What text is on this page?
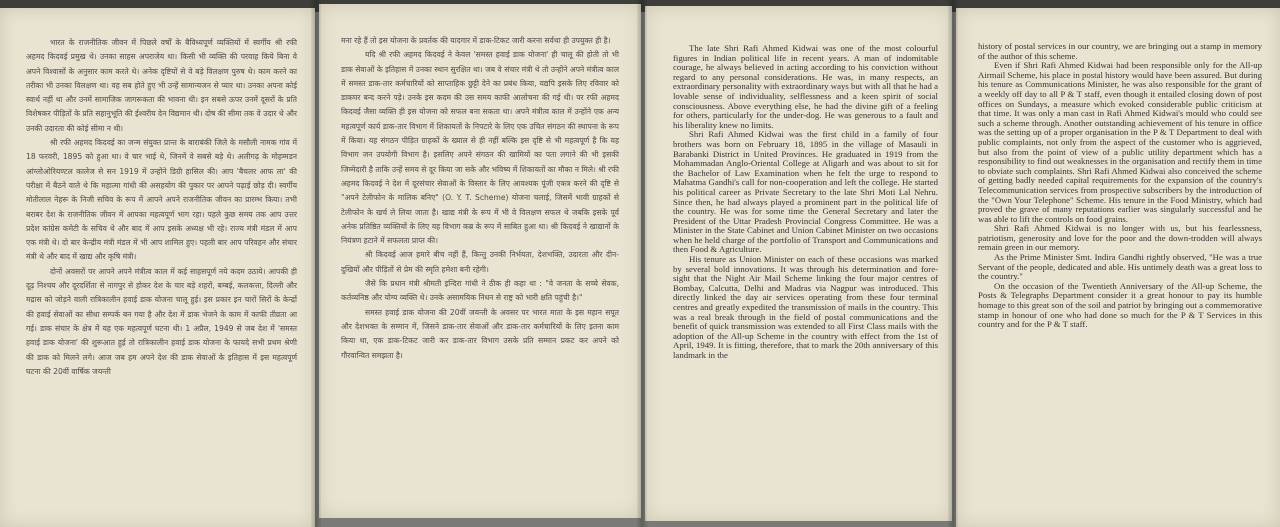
भारत के राजनीतिक जीवन में पिछले वर्षों के बैविध्यपूर्ण व्यक्तियों में स्वर्गीय श्री रफी अहमद किदवई प्रमुख थे। उनका साहस अपराजेय था। किसी भी व्यक्ति की परवाह किये बिना वे अपने विश्वासों के अनुसार काम करते थे। अनेक दृष्टियों से वे बड़े विलक्षण पुरुष थे। काम करने का तरीका भी उनका विलक्षण था। वह सब होते हुए भी उन्हें सामान्यजन से प्यार था। उनका अपना कोई स्वार्थ नहीं था और उनमें सामाजिक जागरूकता की भावना थी। इन सबसे ऊपर उनमें दूसरों के प्रति विशेषकर पीड़ितों के प्रति सहानुभूति की ईश्वरीय देन विद्यमान थी। दोष की सीमा तक वे उदार थे और उनकी उदारता की कोई सीमा न थी।

श्री रफी अहमद किदवई का जन्म संयुक्त प्रान्त के बाराबंकी जिले के मसौली नामक गांव में 18 फरवरी, 1895 को हुआ था। वे चार भाई थे, जिनमें वे सबसे बड़े थे। अलीगढ़ के मोहम्मडन आंग्लोओरियण्टल कालेज से सन 1919 में उन्होंने डिग्री हासिल की। आप 'बैचलर आफ ला' की परीक्षा में बैठने वाले थे कि महात्मा गांधी की असहयोग की पुकार पर आपने पढ़ाई छोड़ दी। स्वर्गीय मोतीलाल नेहरू के निजी सचिव के रूप में आपने अपने राजनीतिक जीवन का प्रारम्भ किया। तभी बराबर देश के राजनीतिक जीवन में आपका महत्वपूर्ण भाग रहा। पहले कुछ समय तक आप उत्तर प्रदेश कांग्रेस कमेटी के सचिव थे और बाद में आप इसके अध्यक्ष भी रहे। राज्य मंत्री मंडल में आप एक मंत्री थे। दो बार केन्द्रीय मंत्री मंडल में भी आप शामिल हुए। पहली बार आप परिवहन और संचार मंत्री थे और बाद में खाद्य और कृषि मंत्री।

दोनों अवसरों पर आपने अपने मंत्रीत्व काल में कई साहसपूर्ण नये कदम उठाये। आपकी ही दूढ़ निश्चय और दूरदर्शिता से नागपुर से होकर देश के चार बड़े शहरों, बम्बई, कलकत्ता, दिल्ली और मद्रास को जोड़ने वाली रात्रिकालीन हवाई डाक योजना चालू हुई। इस प्रकार इन चारों सिरों के केन्द्रों की हवाई सेवाओं का सीधा सम्पर्क बन गया है और देश में डाक भेजने के काम में काफी तीव्रता आ गई। डाक संचार के क्षेत्र में यह एक महत्वपूर्ण घटना थी। 1 अप्रैल, 1949 से जब देश में 'समस्त हवाई डाक योजना' की शुरूआत हुई तो रात्रिकालीन हवाई डाक योजना के फायदे सभी प्रथम श्रेणी की डाक को मिलने लगे। आज जब हम अपने देश की डाक सेवाओं के इतिहास में इस महत्वपूर्ण घटना की 20वीं वार्षिक जयन्ती

मना रहे हैं तो इस योजना के प्रवर्तक की यादगार में डाक-टिकट जारी करना सर्वथा ही उपयुक्त ही है।

यदि श्री रफी अहमद किदवई ने केवल 'समस्त हवाई डाक योजना' ही चालू की होती तो भी डाक सेवाओं के इतिहास में उनका स्थान सुरक्षित था। जब वे संचार मंत्री थे तो उन्होंने अपने मंत्रीत्व काल में समस्त डाक-तार कर्मचारियों को साप्ताहिक छुट्टी देने का प्रबंध किया, यद्यपि इसके लिए रविवार को डाकघर बन्द करने पड़े। उनके इस कदम की उस समय काफी आलोचना की गई थी। पर रफी अहमद किदवई जैसा व्यक्ति ही इस योजना को सफल बना सकता था। अपने मंत्रीत्व काल में उन्होंने एक अन्य महत्वपूर्ण कार्य डाक-तार विभाग में शिकायतों के निपटारे के लिए एक उचित संगठन की स्थापना के रूप में किया। यह संगठन पीड़ित ग्राहकों के ख्याल से ही नहीं बल्कि इस दृष्टि से भी महत्वपूर्ण है कि यह विभाग जन उपयोगी विभाग है। इसलिए अपने संगठन की खामियों का पता लगाने की भी इसकी जिम्मेदारी है ताकि उन्हें समय से दूर किया जा सके और भविष्य में शिकायतों का मौका न मिले। श्री रफी अहमद किदवई ने देश में दूरसंचार सेवाओं के विस्तार के लिए आवश्यक पूंजी एकत्र करने की दृष्टि से "अपने टेलीफोन के मालिक बनिए" (O. Y. T. Scheme) योजना चलाई, जिसमें भावी ग्राहकों से टेलीफोन के खर्च ले लिया जाता है। खाद्य मंत्री के रूप में भी वे विलक्षण सफल थे जबकि इसके पूर्व अनेक प्रतिष्ठित व्यक्तियों के लिए यह विभाग कब्र के रूप में साबित हुआ था। श्री किदवई ने खाद्यानों के नियंत्रण हटाने में सफलता प्राप्त की।

श्री किदवई आज हमारे बीच नहीं हैं, किन्तु उनकी निर्भयता, देशभक्ति, उदारता और दीन-दुखियों और पीड़ितों से प्रेम की स्मृति हमेशा बनी रहेगी।

जैसे कि प्रधान मंत्री श्रीमती इन्दिरा गांधी ने ठीक ही कहा था : "वे जनता के सच्चे सेवक, कर्तव्यनिष्ठ और योग्य व्यक्ति थे। उनके असामयिक निधन से राष्ट्र को भारी क्षति पहुंची है।"

समस्त हवाई डाक योजना की 20वीं जयन्ती के अवसर पर भारत माता के इस महान सपूत और देशभक्त के सम्मान में, जिसने डाक-तार सेवाओं और डाक-तार कर्मचारियों के लिए इतना काम किया था, एक डाक-टिकट जारी कर डाक-तार विभाग उसके प्रति सम्मान प्रकट कर अपने को गौरवान्वित समझता है।

The late Shri Rafi Ahmed Kidwai was one of the most colourful figures in Indian political life in recent years. A man of indomitable courage, he always believed in acting according to his conviction without regard to any personal considerations. He was, in many respects, an extraordinary personality with extraordinary ways but with all that he had a lovable sense of individuality, selflessness and a keen spirit of social consciousness. Above everything else, he had the divine gift of a feeling for others, particularly for the under-dog. He was generous to a fault and his liberality knew no limits.

Shri Rafi Ahmed Kidwai was the first child in a family of four brothers was born on February 18, 1895 in the village of Masauli in Barabanki District in United Provinces. He graduated in 1919 from the Mohammadan Anglo-Oriental College at Aligarh and was about to sit for the Bachelor of Law Examination when he felt the urge to respond to Mahatma Gandhi's call for non-cooperation and left the college. He started his political career as Private Secretary to the late Shri Moti Lal Nehru. Since then, he had always played a prominent part in the political life of the country. He was for some time the General Secretary and later the President of the Uttar Pradesh Provincial Congress Committee. He was a Minister in the State Cabinet and Union Cabinet Minister on two occasions when he held charge of the portfolio of Transport and Communications and then Food & Agriculture.

His tenure as Union Minister on each of these occasions was marked by several bold innovations. It was through his determination and fore-sight that the Night Air Mail Scheme linking the four major centres of Bombay, Calcutta, Delhi and Madras via Nagpur was introduced. This directly linked the day air services operating from these four terminal centres and greatly expedited the transmission of mails in the country. This was a real break through in the field of postal communications and the benefit of quick transmission was extended to all First Class mails with the adoption of the All-up Scheme in the country with effect from the 1st of April, 1949. It is fitting, therefore, that to mark the 20th anniversary of this landmark in the

history of postal services in our country, we are bringing out a stamp in memory of the author of this scheme.

Even if Shri Rafi Ahmed Kidwai had been responsible only for the All-up Airmail Scheme, his place in postal history would have been assured. But during his tenure as Communications Minister, he was also responsible for the grant of a weekly off day to all P & T staff, even though it entailed closing down of post offices on Sundays, a measure which evoked considerable public criticism at that time. It was only a man cast in Rafi Ahmed Kidwai's mould who could see such a scheme through. Another outstanding achievement of his tenure in office was the setting up of a proper organisation in the P & T Department to deal with public complaints, not only from the aspect of the customer who is aggrieved, but also from the point of view of a public utility department which has a responsibility to find out weaknesses in the organisation and rectify them in time to obviate such complaints. Shri Rafi Ahmed Kidwai also conceived the scheme of getting badly needed capital requirements for the expansion of the country's Telecommunication services from prospective subscribers by the introduction of the "Own Your Telephone" Scheme. His tenure in the Food Ministry, which had proved the grave of many reputations earlier was singularly successful and he was able to lift the controls on food grains.

Shri Rafi Ahmed Kidwai is no longer with us, but his fearlessness, patriotism, generosity and love for the poor and the down-trodden will always remain green in our memory.

As the Prime Minister Smt. Indira Gandhi rightly observed, "He was a true Servant of the people, dedicated and able. His untimely death was a great loss to the country."

On the occasion of the Twentieth Anniversary of the All-up Scheme, the Posts & Telegraphs Department consider it a great honour to pay its humble homage to this great son of the soil and patriot by bringing out a commemorative stamp in honour of one who had done so much for the P & T Services in this country and for the P & T staff.
